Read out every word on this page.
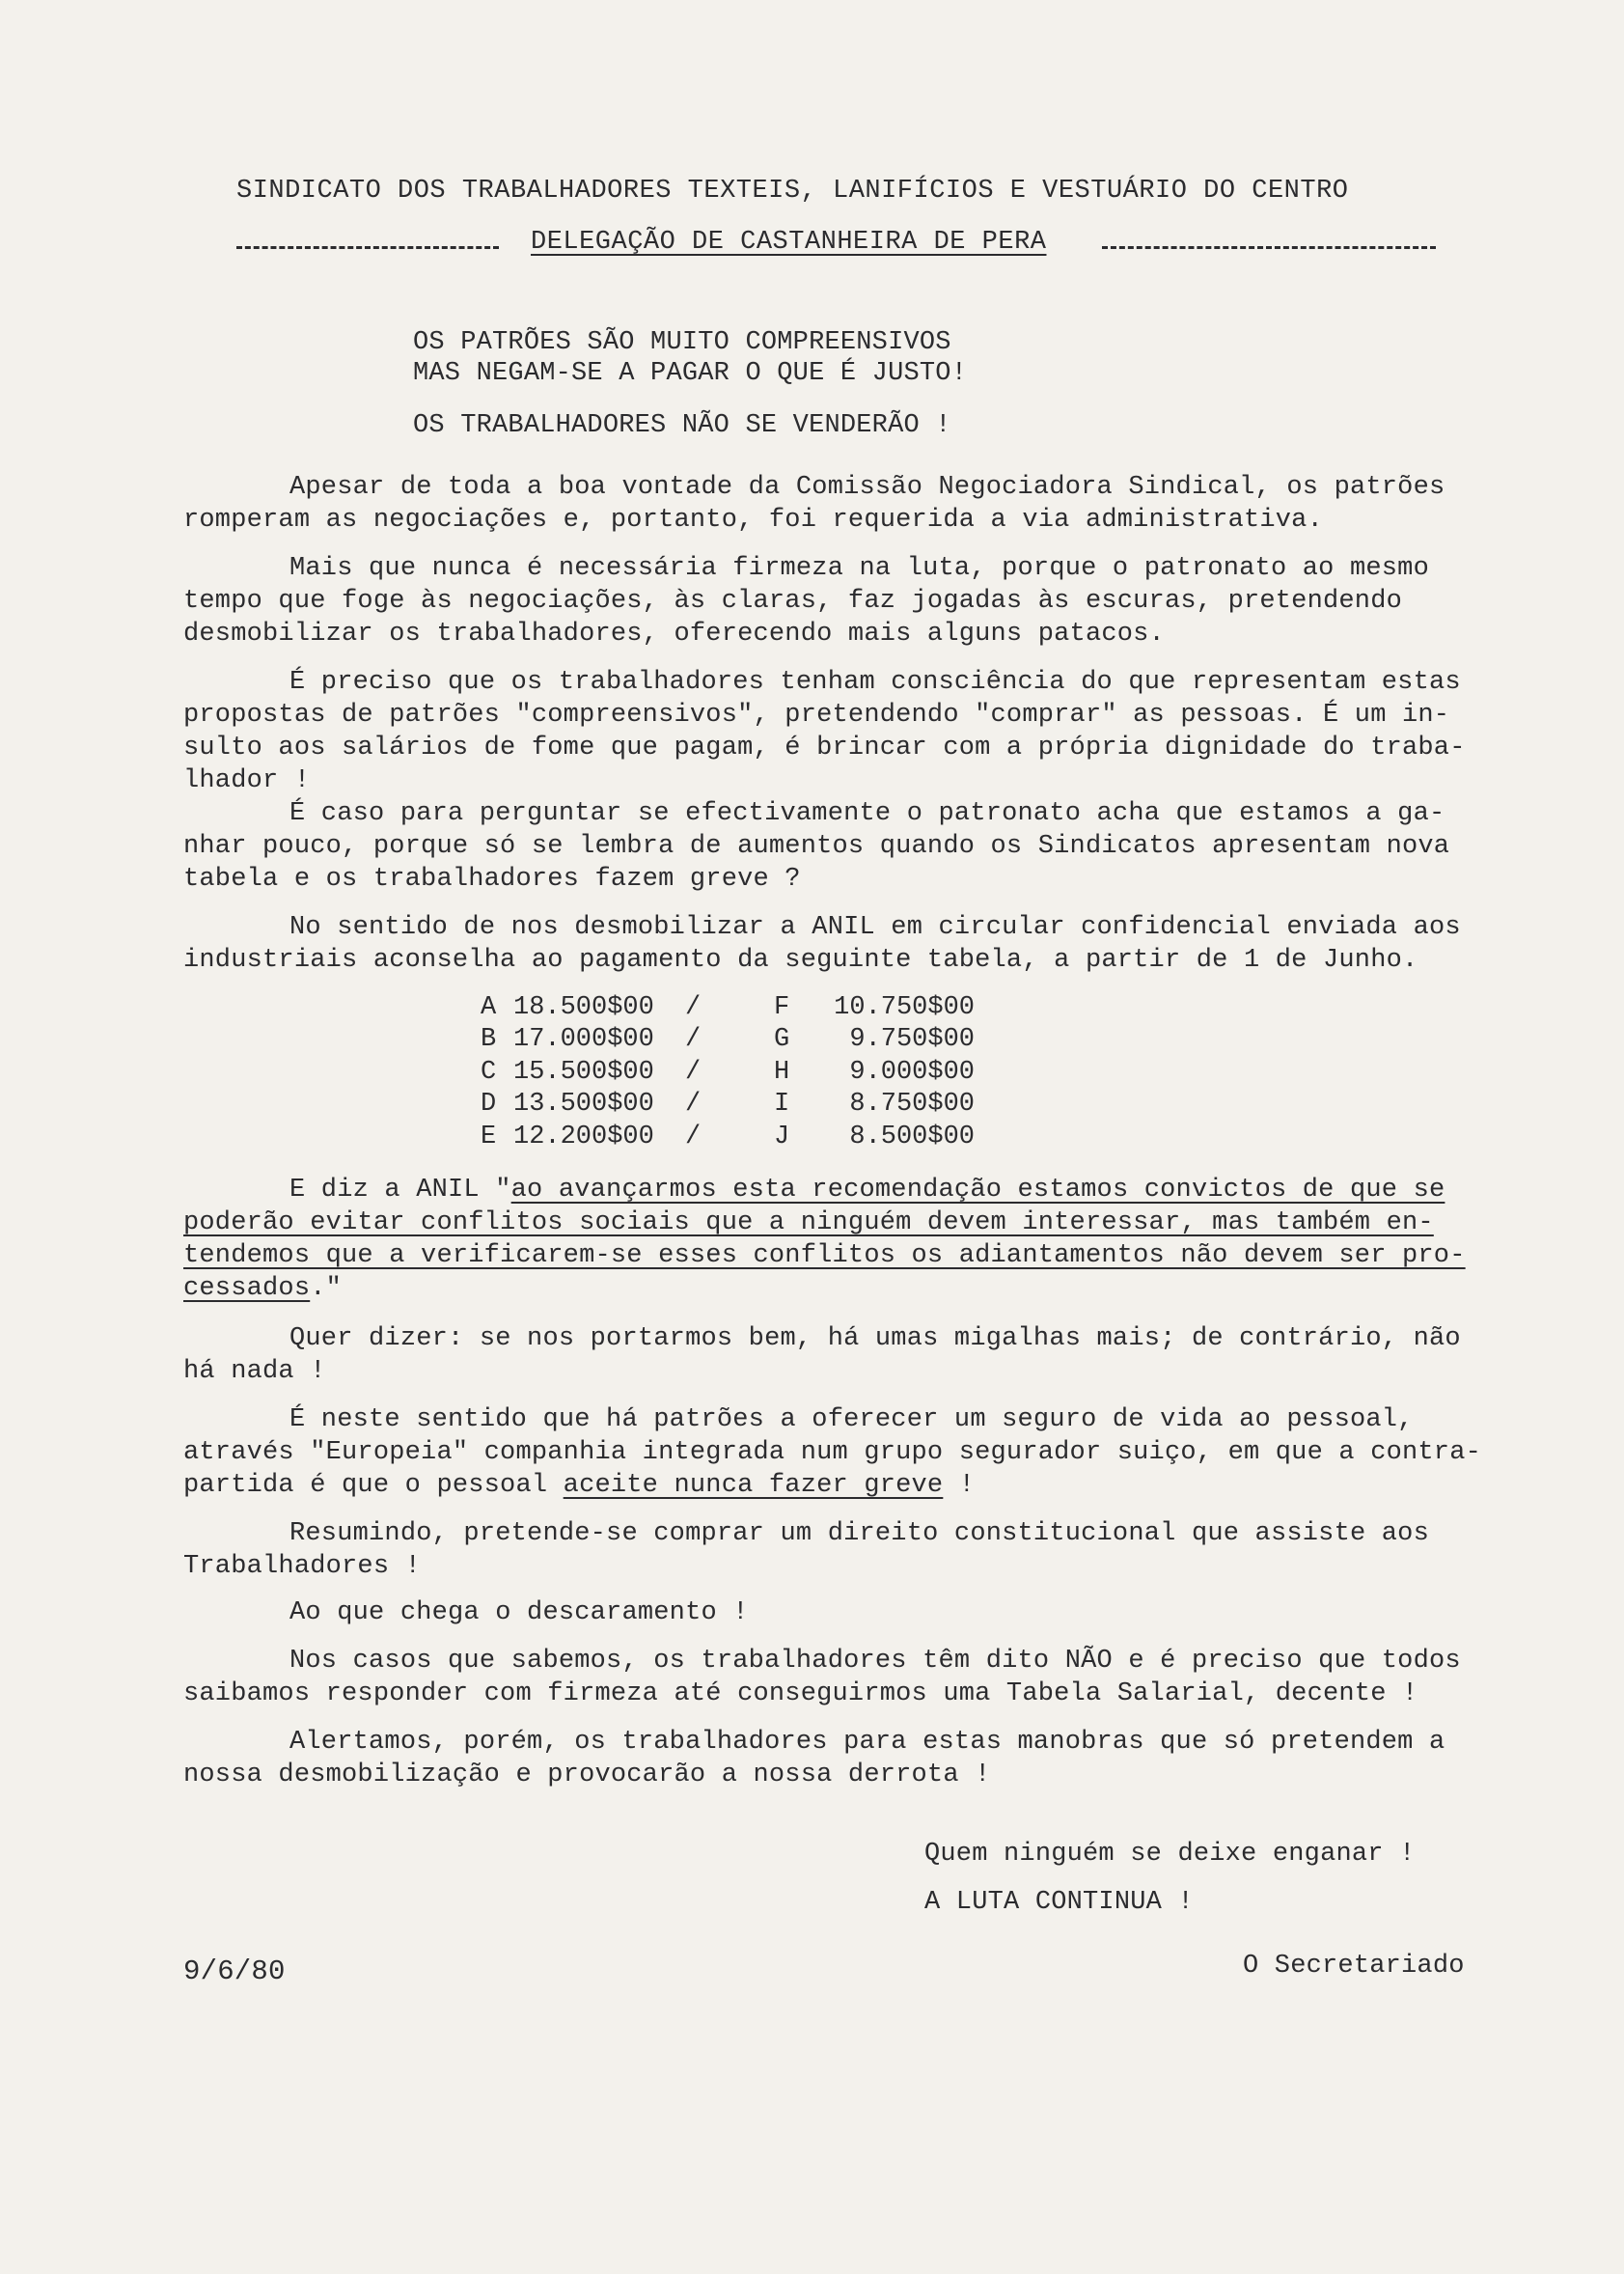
SINDICATO DOS TRABALHADORES TEXTEIS, LANIFÍCIOS E VESTUÁRIO DO CENTRO
DELEGAÇÃO DE CASTANHEIRA DE PERA
OS PATRÕES SÃO MUITO COMPREENSIVOS
MAS NEGAM-SE A PAGAR O QUE É JUSTO!
OS TRABALHADORES NÃO SE VENDERÃO !
Apesar de toda a boa vontade da Comissão Negociadora Sindical, os patrões
romperam as negociações e, portanto, foi requerida a via administrativa.
Mais que nunca é necessária firmeza na luta, porque o patronato ao mesmo
tempo que foge às negociações, às claras, faz jogadas às escuras, pretendendo
desmobilizar os trabalhadores, oferecendo mais alguns patacos.
É preciso que os trabalhadores tenham consciência do que representam estas
propostas de patrões "compreensivos", pretendendo "comprar" as pessoas. É um in-
sulto aos salários de fome que pagam, é brincar com a própria dignidade do traba-
lhador !
É caso para perguntar se efectivamente o patronato acha que estamos a ga-
nhar pouco, porque só se lembra de aumentos quando os Sindicatos apresentam nova
tabela e os trabalhadores fazem greve ?
No sentido de nos desmobilizar a ANIL em circular confidencial enviada aos
industriais aconselha ao pagamento da seguinte tabela, a partir de 1 de Junho.
A	18.500$00	/	F	10.750$00
B	17.000$00	/	G	9.750$00
C	15.500$00	/	H	9.000$00
D	13.500$00	/	I	8.750$00
E	12.200$00	/	J	8.500$00
E diz a ANIL "ao avançarmos esta recomendação estamos convictos de que se
poderão evitar conflitos sociais que a ninguém devem interessar, mas também en-
tendemos que a verificarem-se esses conflitos os adiantamentos não devem ser pro-
cessados."
Quer dizer: se nos portarmos bem, há umas migalhas mais; de contrário, não
há nada !
É neste sentido que há patrões a oferecer um seguro de vida ao pessoal,
através "Europeia" companhia integrada num grupo segurador suiço, em que a contra-
partida é que o pessoal aceite nunca fazer greve !
Resumindo, pretende-se comprar um direito constitucional que assiste aos
Trabalhadores !
Ao que chega o descaramento !
Nos casos que sabemos, os trabalhadores têm dito NÃO e é preciso que todos
saibamos responder com firmeza até conseguirmos uma Tabela Salarial, decente !
Alertamos, porém, os trabalhadores para estas manobras que só pretendem a
nossa desmobilização e provocarão a nossa derrota !
Quem ninguém se deixe enganar !
A LUTA CONTINUA !
9/6/80	O Secretariado
